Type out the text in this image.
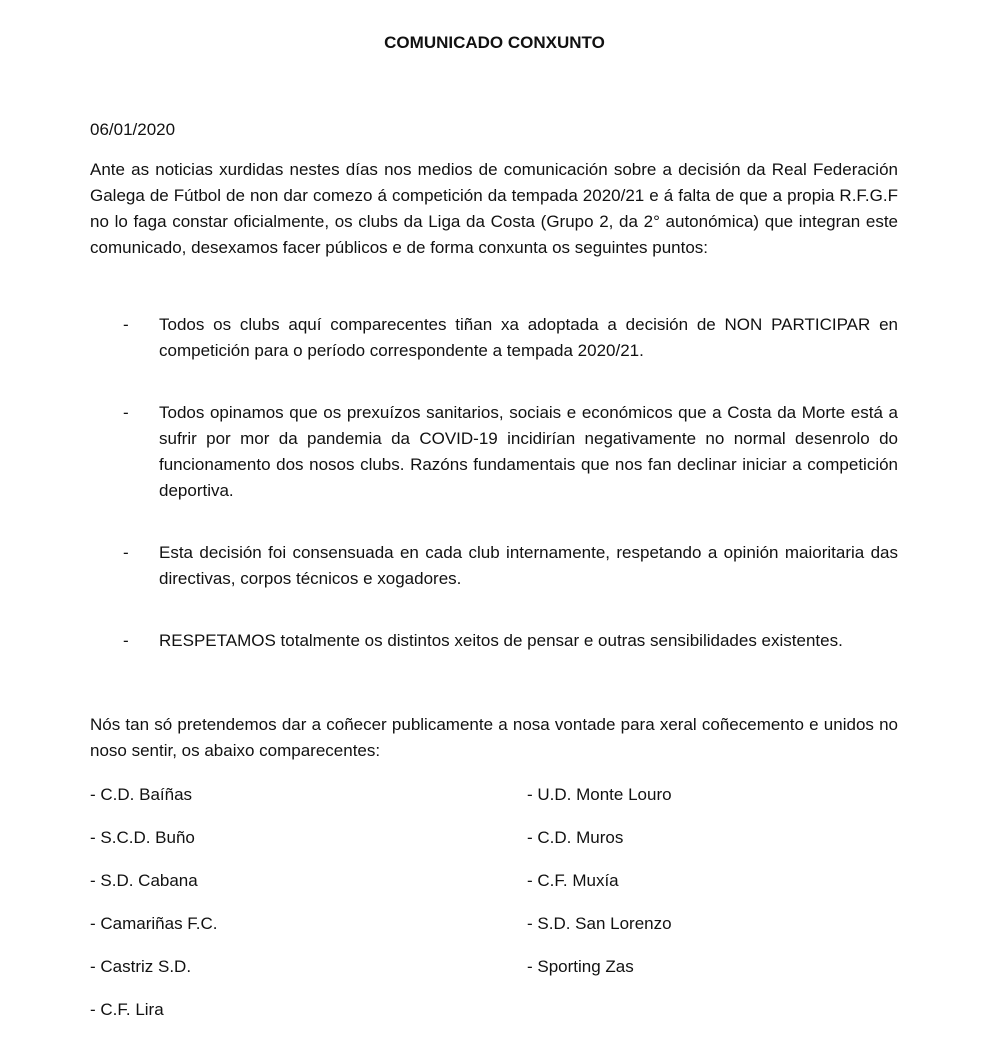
COMUNICADO CONXUNTO
06/01/2020

Ante as noticias xurdidas nestes días nos medios de comunicación sobre a decisión da Real Federación Galega de Fútbol de non dar comezo á competición da tempada 2020/21 e á falta de que a propia R.F.G.F no lo faga constar oficialmente, os clubs da Liga da Costa (Grupo 2, da 2° autonómica) que integran este comunicado, desexamos facer públicos e de forma conxunta os seguintes puntos:

- Todos os clubs aquí comparecentes tiñan xa adoptada a decisión de NON PARTICIPAR en competición para o período correspondente a tempada 2020/21.
- Todos opinamos que os prexuízos sanitarios, sociais e económicos que a Costa da Morte está a sufrir por mor da pandemia da COVID-19 incidirían negativamente no normal desenrolo do funcionamento dos nosos clubs. Razóns fundamentais que nos fan declinar iniciar a competición deportiva.
- Esta decisión foi consensuada en cada club internamente, respetando a opinión maioritaria das directivas, corpos técnicos e xogadores.
- RESPETAMOS totalmente os distintos xeitos de pensar e outras sensibilidades existentes.

Nós tan só pretendemos dar a coñecer publicamente a nosa vontade para xeral coñecemento e unidos no noso sentir, os abaixo comparecentes:

- C.D. Baíñas
- S.C.D. Buño
- S.D. Cabana
- Camariñas F.C.
- Castriz S.D.
- C.F. Lira
- U.D. Monte Louro
- C.D. Muros
- C.F. Muxía
- S.D. San Lorenzo
- Sporting Zas
